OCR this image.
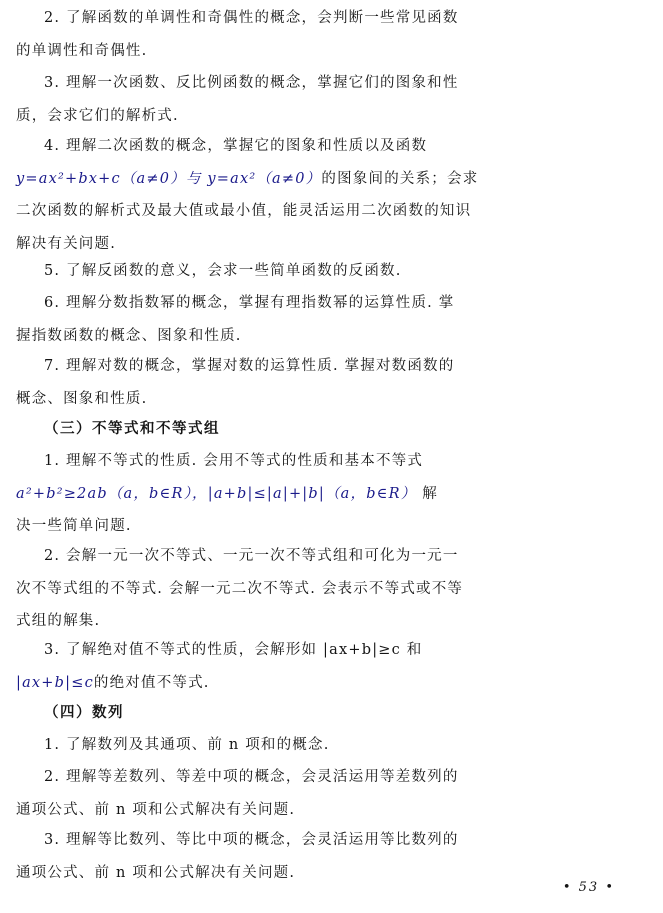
2. 了解函数的单调性和奇偶性的概念，会判断一些常见函数
的单调性和奇偶性.
3. 理解一次函数、反比例函数的概念，掌握它们的图象和性
质，会求它们的解析式.
4. 理解二次函数的概念，掌握它的图象和性质以及函数
y=ax²+bx+c（a≠0）与 y=ax²（a≠0）的图象间的关系；会求
二次函数的解析式及最大值或最小值，能灵活运用二次函数的知识
解决有关问题.
5. 了解反函数的意义，会求一些简单函数的反函数.
6. 理解分数指数幂的概念，掌握有理指数幂的运算性质. 掌
握指数函数的概念、图象和性质.
7. 理解对数的概念，掌握对数的运算性质. 掌握对数函数的
概念、图象和性质.
（三）不等式和不等式组
1. 理解不等式的性质. 会用不等式的性质和基本不等式
a²+b²≥2ab（a，b∈R），|a+b|≤|a|+|b|（a，b∈R） 解
决一些简单问题.
2. 会解一元一次不等式、一元一次不等式组和可化为一元一
次不等式组的不等式. 会解一元二次不等式. 会表示不等式或不等
式组的解集.
3. 了解绝对值不等式的性质，会解形如 |ax+b|≥c 和
|ax+b|≤c的绝对值不等式.
（四）数列
1. 了解数列及其通项、前 n 项和的概念.
2. 理解等差数列、等差中项的概念，会灵活运用等差数列的
通项公式、前 n 项和公式解决有关问题.
3. 理解等比数列、等比中项的概念，会灵活运用等比数列的
通项公式、前 n 项和公式解决有关问题.
• 53 •
